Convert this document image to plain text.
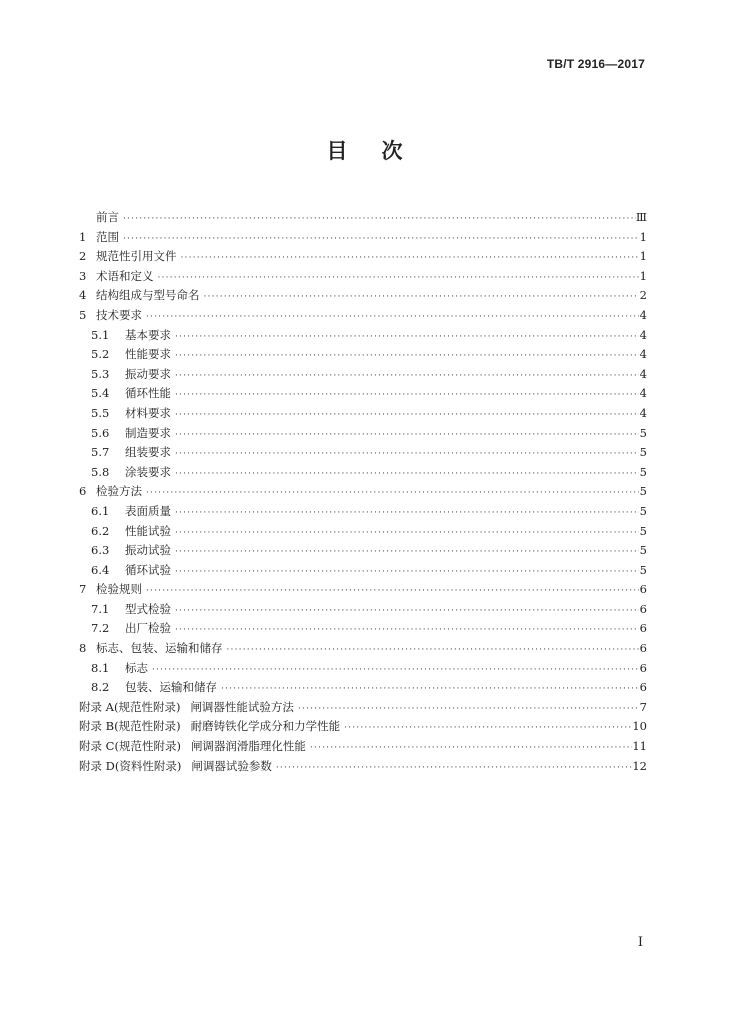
TB/T 2916—2017
目 次
前言 ·····	Ⅲ
1 范围 ·····	1
2 规范性引用文件 ·····	1
3 术语和定义 ·····	1
4 结构组成与型号命名 ·····	2
5 技术要求 ·····	4
5.1	基本要求 ·····	4
5.2	性能要求 ·····	4
5.3	振动要求 ·····	4
5.4	循环性能 ·····	4
5.5	材料要求 ·····	4
5.6	制造要求 ·····	5
5.7	组装要求 ·····	5
5.8	涂装要求 ·····	5
6 检验方法 ·····	5
6.1	表面质量 ·····	5
6.2	性能试验 ·····	5
6.3	振动试验 ·····	5
6.4	循环试验 ·····	5
7 检验规则 ·····	6
7.1	型式检验 ·····	6
7.2	出厂检验 ·····	6
8 标志、包装、运输和储存 ·····	6
8.1	标志 ·····	6
8.2	包装、运输和储存 ·····	6
附录 A(规范性附录) 闸调器性能试验方法 ·····	7
附录 B(规范性附录) 耐磨铸铁化学成分和力学性能 ·····	10
附录 C(规范性附录) 闸调器润滑脂理化性能 ·····	11
附录 D(资料性附录) 闸调器试验参数 ·····	12
I
